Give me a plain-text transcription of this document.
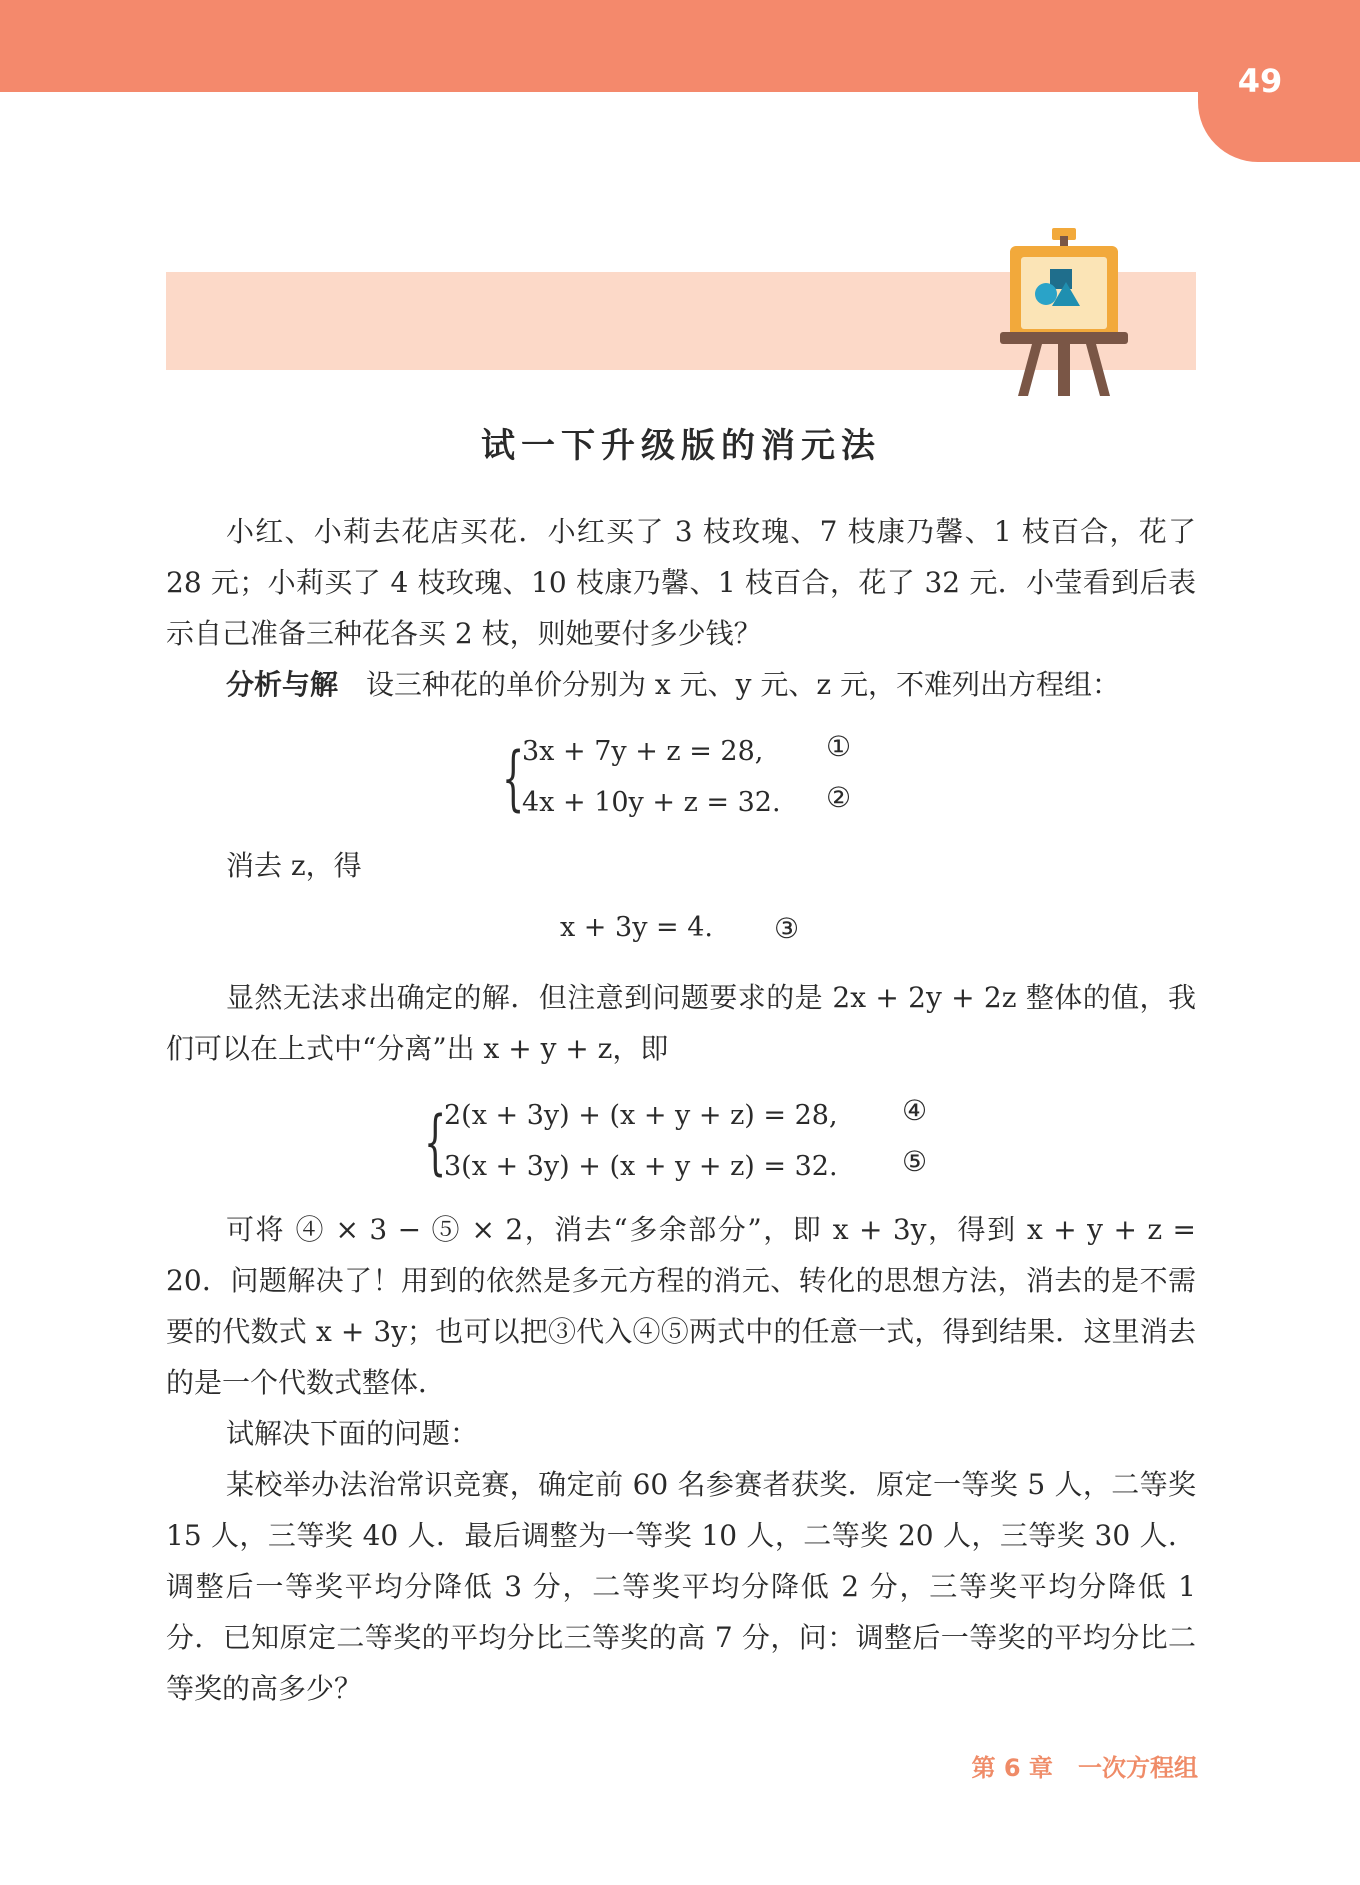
49
试一下升级版的消元法

小红、小莉去花店买花．小红买了 3 枝玫瑰、7 枝康乃馨、1 枝百合，花了 28 元；小莉买了 4 枝玫瑰、10 枝康乃馨、1 枝百合，花了 32 元．小莹看到后表示自己准备三种花各买 2 枝，则她要付多少钱？

分析与解　 设三种花的单价分别为 x 元、y 元、z 元，不难列出方程组：

{
3x + 7y + z = 28,
4x + 10y + z = 32.
①
②

消去 z，得

x + 3y = 4. ③

显然无法求出确定的解．但注意到问题要求的是 2x + 2y + 2z 整体的值，我们可以在上式中“分离”出 x + y + z，即

{
2(x + 3y) + (x + y + z) = 28,
3(x + 3y) + (x + y + z) = 32.
④
⑤

可将 ④ × 3 − ⑤ × 2，消去“多余部分”，即 x + 3y，得到 x + y + z = 20．问题解决了！用到的依然是多元方程的消元、转化的思想方法，消去的是不需要的代数式 x + 3y；也可以把③代入④⑤两式中的任意一式，得到结果．这里消去的是一个代数式整体．

试解决下面的问题：

某校举办法治常识竞赛，确定前 60 名参赛者获奖．原定一等奖 5 人，二等奖 15 人，三等奖 40 人．最后调整为一等奖 10 人，二等奖 20 人，三等奖 30 人．调整后一等奖平均分降低 3 分，二等奖平均分降低 2 分，三等奖平均分降低 1 分．已知原定二等奖的平均分比三等奖的高 7 分，问：调整后一等奖的平均分比二等奖的高多少？

第 6 章 一次方程组
